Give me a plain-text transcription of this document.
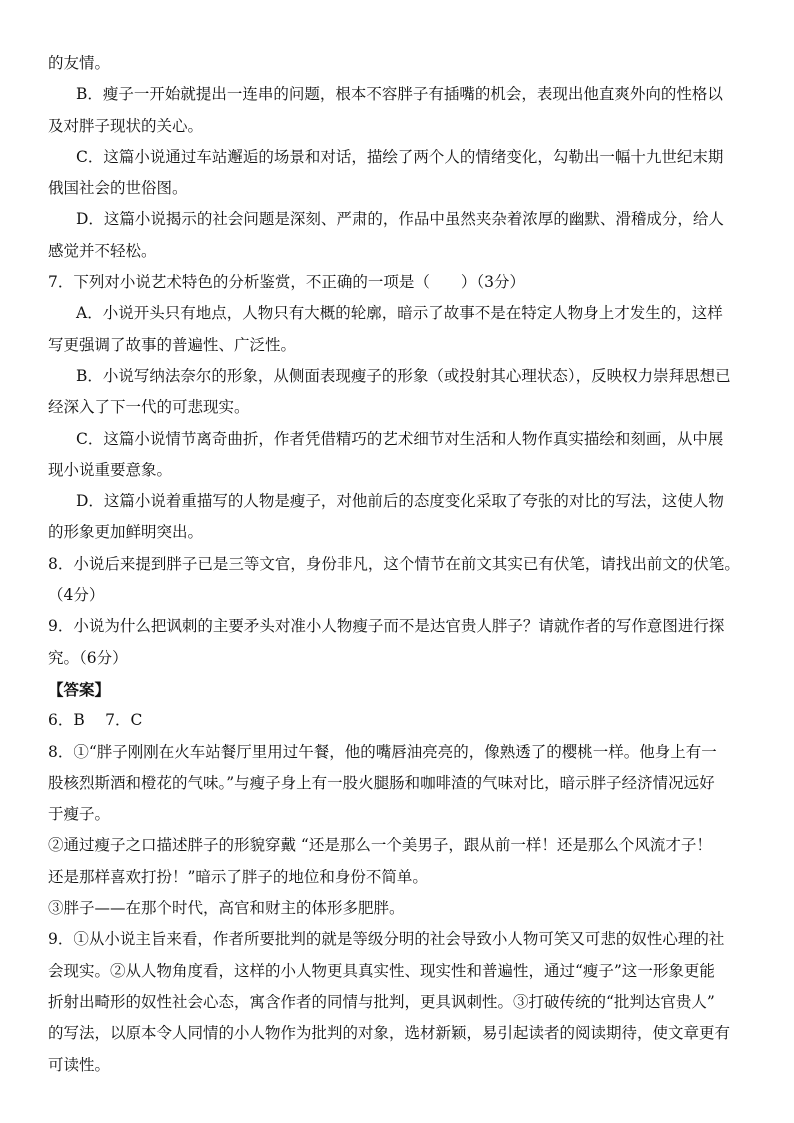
的友情。
B．瘦子一开始就提出一连串的问题，根本不容胖子有插嘴的机会，表现出他直爽外向的性格以
及对胖子现状的关心。
C．这篇小说通过车站邂逅的场景和对话，描绘了两个人的情绪变化，勾勒出一幅十九世纪末期
俄国社会的世俗图。
D．这篇小说揭示的社会问题是深刻、严肃的，作品中虽然夹杂着浓厚的幽默、滑稽成分，给人
感觉并不轻松。
7．下列对小说艺术特色的分析鉴赏，不正确的一项是（　　）（3分）
A．小说开头只有地点，人物只有大概的轮廓，暗示了故事不是在特定人物身上才发生的，这样
写更强调了故事的普遍性、广泛性。
B．小说写纳法奈尔的形象，从侧面表现瘦子的形象（或投射其心理状态），反映权力崇拜思想已
经深入了下一代的可悲现实。
C．这篇小说情节离奇曲折，作者凭借精巧的艺术细节对生活和人物作真实描绘和刻画，从中展
现小说重要意象。
D．这篇小说着重描写的人物是瘦子，对他前后的态度变化采取了夸张的对比的写法，这使人物
的形象更加鲜明突出。
8．小说后来提到胖子已是三等文官，身份非凡，这个情节在前文其实已有伏笔，请找出前文的伏笔。
（4分）
9．小说为什么把讽刺的主要矛头对准小人物瘦子而不是达官贵人胖子？请就作者的写作意图进行探
究。（6分）
【答案】
6．B　 7．C
8．①“胖子刚刚在火车站餐厅里用过午餐，他的嘴唇油亮亮的，像熟透了的樱桃一样。他身上有一
股核烈斯酒和橙花的气味。”与瘦子身上有一股火腿肠和咖啡渣的气味对比，暗示胖子经济情况远好
于瘦子。
②通过瘦子之口描述胖子的形貌穿戴 “还是那么一个美男子，跟从前一样！还是那么个风流才子！
还是那样喜欢打扮！”暗示了胖子的地位和身份不简单。
③胖子——在那个时代，高官和财主的体形多肥胖。
9．①从小说主旨来看，作者所要批判的就是等级分明的社会导致小人物可笑又可悲的奴性心理的社
会现实。②从人物角度看，这样的小人物更具真实性、现实性和普遍性，通过“瘦子”这一形象更能
折射出畸形的奴性社会心态，寓含作者的同情与批判，更具讽刺性。③打破传统的“批判达官贵人”
的写法，以原本令人同情的小人物作为批判的对象，选材新颖，易引起读者的阅读期待，使文章更有
可读性。
